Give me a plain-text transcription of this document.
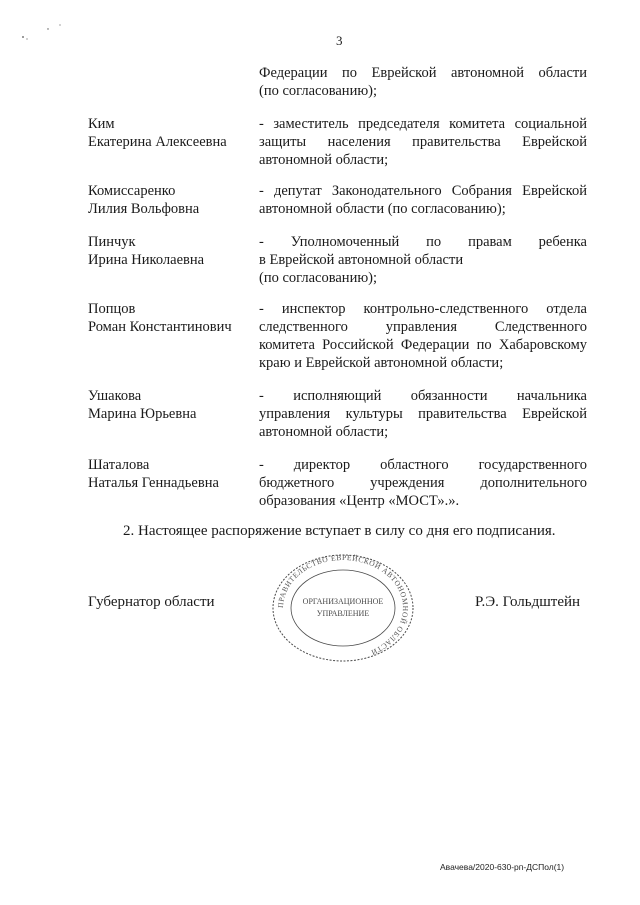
3
Федерации по Еврейской автономной области
(по согласованию);
Ким
Екатерина Алексеевна
- заместитель председателя комитета социальной
защиты населения правительства Еврейской
автономной области;
Комиссаренко
Лилия Вольфовна
- депутат Законодательного Собрания Еврейской
автономной области (по согласованию);
Пинчук
Ирина Николаевна
- Уполномоченный по правам ребенка
в Еврейской автономной области
(по согласованию);
Попцов
Роман Константинович
- инспектор контрольно-следственного отдела
следственного управления Следственного
комитета Российской Федерации по Хабаровскому
краю и Еврейской автономной области;
Ушакова
Марина Юрьевна
- исполняющий обязанности начальника
управления культуры правительства Еврейской
автономной области;
Шаталова
Наталья Геннадьевна
- директор областного государственного
бюджетного учреждения дополнительного
образования «Центр «МОСТ».».
2. Настоящее распоряжение вступает в силу со дня его подписания.
Губернатор области	ПРАВИТЕЛЬСТВО ЕВРЕЙСКОЙ АВТОНОМНОЙ ОБЛАСТИ
ОРГАНИЗАЦИОННОЕ
УПРАВЛЕНИЕ
Р.Э. Гольдштейн
Авачева/2020-630-рп-ДСПол(1)
